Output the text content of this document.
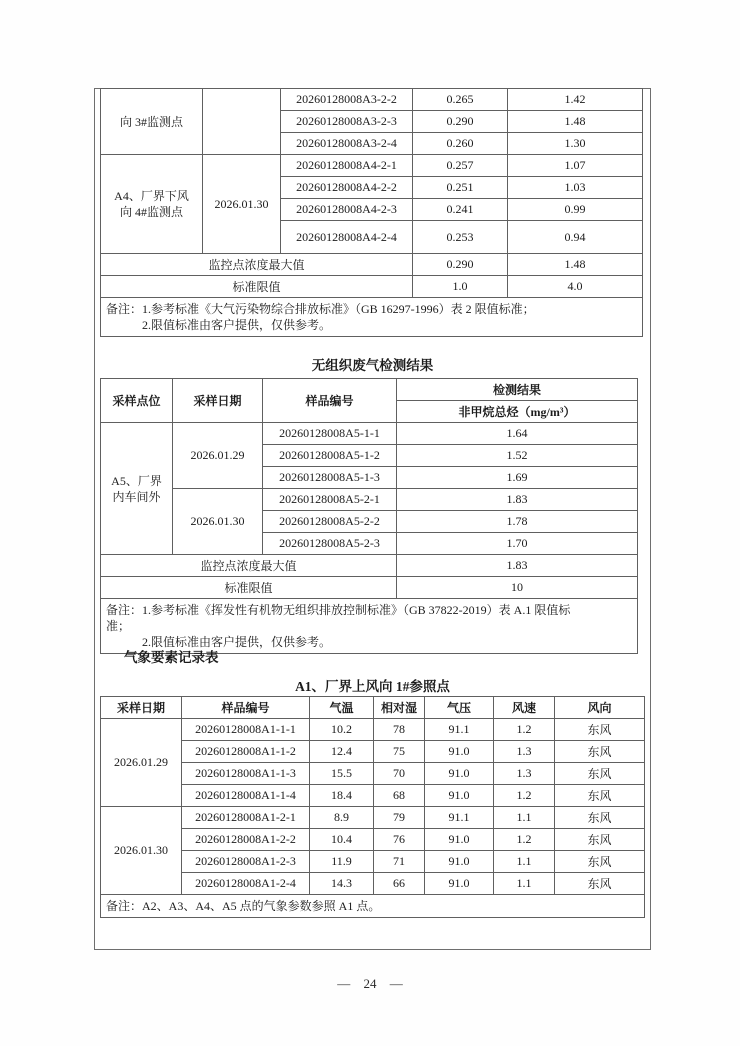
向 3#监测点		20260128008A3-2-2	0.265	1.42
		20260128008A3-2-3	0.290	1.48
		20260128008A3-2-4	0.260	1.30

A4、厂界下风
向 4#监测点	2026.01.30	20260128008A4-2-1	0.257	1.07
		20260128008A4-2-2	0.251	1.03
		20260128008A4-2-3	0.241	0.99
		20260128008A4-2-4	0.253	0.94
监控点浓度最大值			0.290	1.48
标准限值			1.0	4.0

备注：1.参考标准《大气污染物综合排放标准》（GB 16297-1996）表 2 限值标准；
2.限值标准由客户提供，仅供参考。				
无组织废气检测结果
采样点位	采样日期	样品编号	检测结果
			非甲烷总烃（mg/m³）

A5、厂界
内车间外	2026.01.29	20260128008A5-1-1	1.64
		20260128008A5-1-2	1.52
		20260128008A5-1-3	1.69
	2026.01.30	20260128008A5-2-1	1.83
		20260128008A5-2-2	1.78
		20260128008A5-2-3	1.70
监控点浓度最大值			1.83
标准限值			10

备注：1.参考标准《挥发性有机物无组织排放控制标准》（GB 37822-2019）表 A.1 限值标
准；
2.限值标准由客户提供，仅供参考。			
气象要素记录表
A1、厂界上风向 1#参照点
采样日期	样品编号	气温	相对湿	气压	风速	风向
2026.01.29	20260128008A1-1-1	10.2	78	91.1	1.2	东风
	20260128008A1-1-2	12.4	75	91.0	1.3	东风
	20260128008A1-1-3	15.5	70	91.0	1.3	东风
	20260128008A1-1-4	18.4	68	91.0	1.2	东风
2026.01.30	20260128008A1-2-1	8.9	79	91.1	1.1	东风
	20260128008A1-2-2	10.4	76	91.0	1.2	东风
	20260128008A1-2-3	11.9	71	91.0	1.1	东风
	20260128008A1-2-4	14.3	66	91.0	1.1	东风
备注：A2、A3、A4、A5 点的气象参数参照 A1 点。						
— 24 —
